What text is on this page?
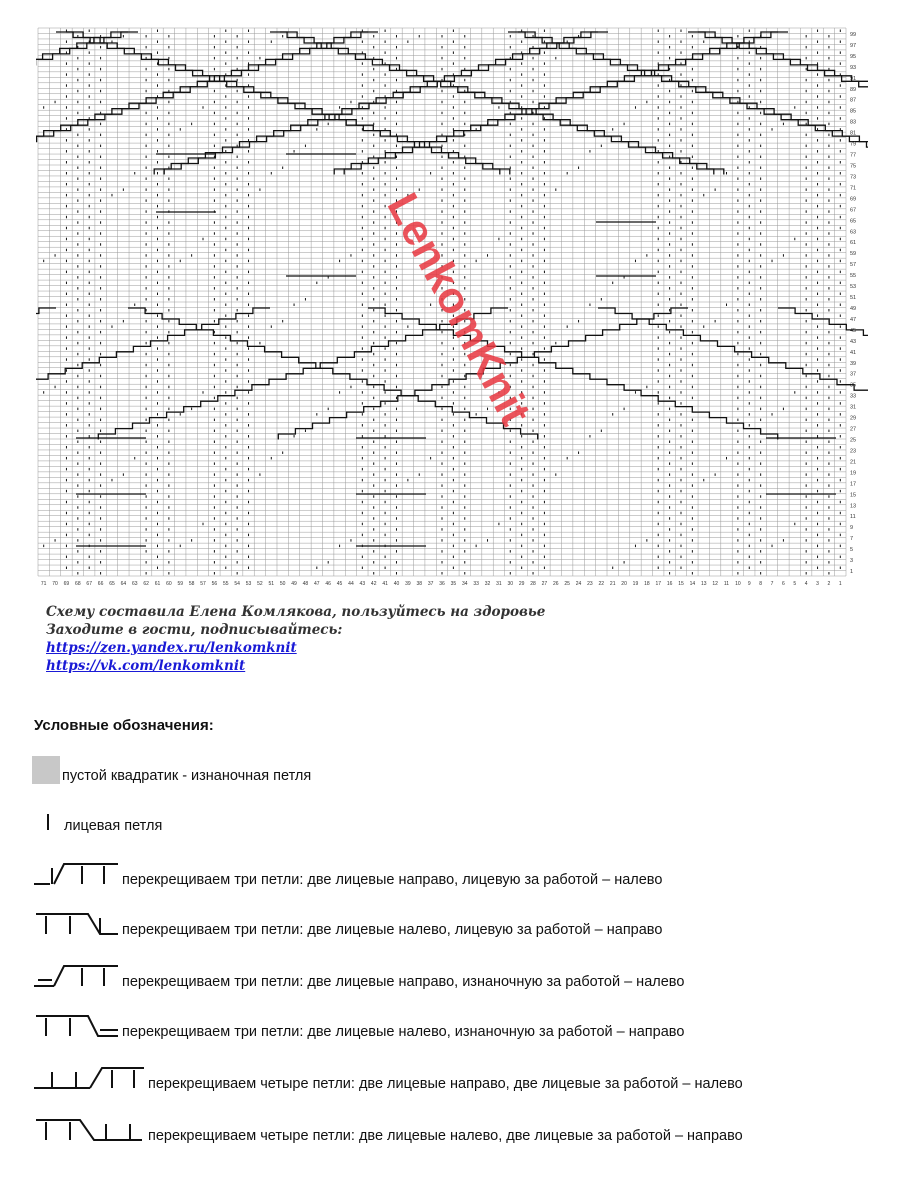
99
97
95
93
91
89
87
85
83
81
79
77
75
73
71
69
67
65
63
61
59
57
55
53
51
49
47
45
43
41
39
37
35
33
31
29
27
25
23
21
19
17
15
13
11
9
7
5
3
1
71 70 69 68 67 66 65 64 63 62 61 60 59 58 57 56 55 54 53 52 51 50 49 48 47 46 45 44 43 42 41 40 39 38 37 36 35 34 33 32 31 30 29 28 27 26 25 24 23 22 21 20 19 18 17 16 15 14 13 12 11 10 9 8 7 6 5 4 3 2 1
LenkomKnit
Схему составила Елена Комлякова, пользуйтесь на здоровье
Заходите в гости, подписывайтесь:
https://zen.yandex.ru/lenkomknit
https://vk.com/lenkomknit
Условные обозначения:
пустой квадратик - изнаночная петля
лицевая петля
перекрещиваем три петли: две лицевые направо, лицевую за работой – налево
перекрещиваем три петли: две лицевые налево, лицевую за работой – направо
перекрещиваем три петли: две лицевые направо, изнаночную за работой – налево
перекрещиваем три петли: две лицевые налево, изнаночную за работой – направо
перекрещиваем четыре петли: две лицевые направо, две лицевые за работой – налево
перекрещиваем четыре петли: две лицевые налево, две лицевые за работой – направо
